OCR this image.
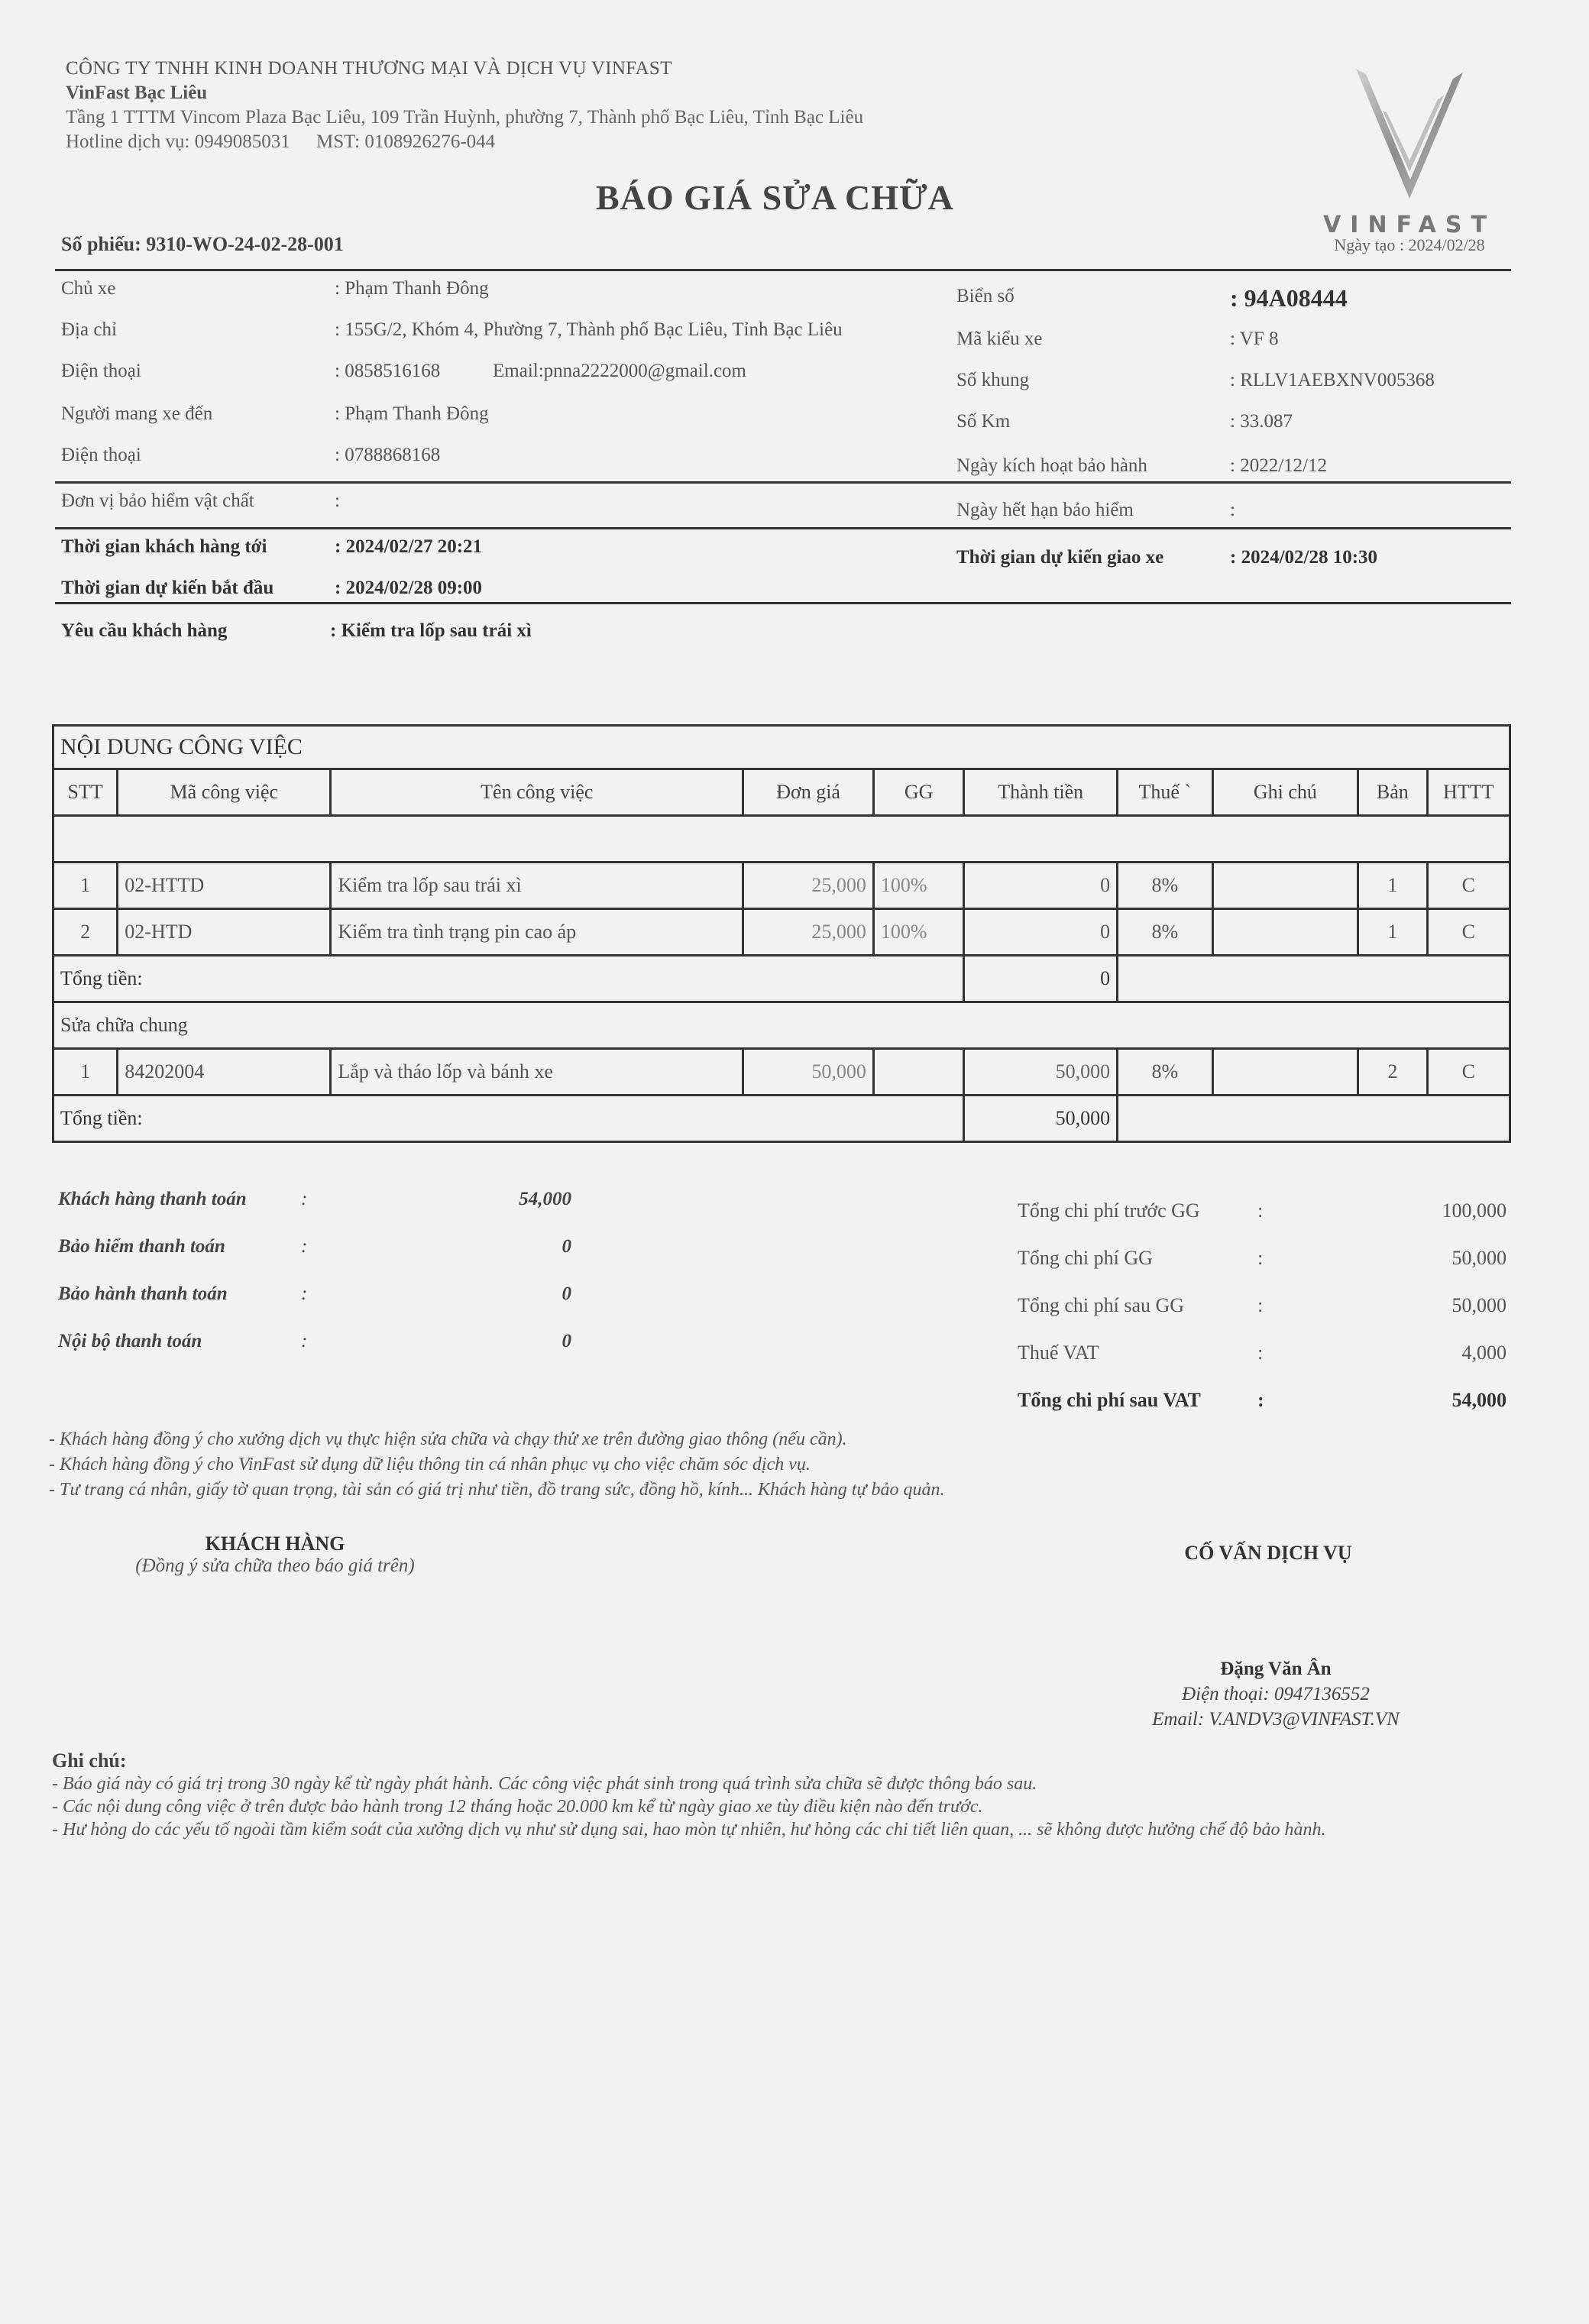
CÔNG TY TNHH KINH DOANH THƯƠNG MẠI VÀ DỊCH VỤ VINFAST
VinFast Bạc Liêu
Tầng 1 TTTM Vincom Plaza Bạc Liêu, 109 Trần Huỳnh, phường 7, Thành phố Bạc Liêu, Tỉnh Bạc Liêu
Hotline dịch vụ: 0949085031 MST: 0108926276-044
VINFAST
Ngày tạo : 2024/02/28
BÁO GIÁ SỬA CHỮA
Số phiếu: 9310-WO-24-02-28-001
Chủ xe	: Phạm Thanh Đông
Địa chỉ	: 155G/2, Khóm 4, Phường 7, Thành phố Bạc Liêu, Tỉnh Bạc Liêu
Điện thoại	: 0858516168	Email:pnna2222000@gmail.com
Người mang xe đến	: Phạm Thanh Đông
Điện thoại	: 0788868168
Đơn vị bảo hiểm vật chất	:
Thời gian khách hàng tới	: 2024/02/27 20:21
Thời gian dự kiến bắt đầu	: 2024/02/28 09:00
Yêu cầu khách hàng	: Kiểm tra lốp sau trái xì
Biển số	: 94A08444
Mã kiểu xe	: VF 8
Số khung	: RLLV1AEBXNV005368
Số Km	: 33.087
Ngày kích hoạt bảo hành	: 2022/12/12
Ngày hết hạn bảo hiểm	:
Thời gian dự kiến giao xe	: 2024/02/28 10:30
NỘI DUNG CÔNG VIỆC									
STT	Mã công việc	Tên công việc	Đơn giá	GG	Thành tiền	Thuế `	Ghi chú	Bản	HTTT

1	02-HTTD	Kiểm tra lốp sau trái xì	25,000	100%	0	8%		1	C
2	02-HTD	Kiểm tra tình trạng pin cao áp	25,000	100%	0	8%		1	C
Tổng tiền:					0				
Sửa chữa chung									
1	84202004	Lắp và tháo lốp và bánh xe	50,000		50,000	8%		2	C
Tổng tiền:					50,000				
Khách hàng thanh toán	:	54,000
Bảo hiểm thanh toán	:	0
Bảo hành thanh toán	:	0
Nội bộ thanh toán	:	0
Tổng chi phí trước GG	:	100,000
Tổng chi phí GG	:	50,000
Tổng chi phí sau GG	:	50,000
Thuế VAT	:	4,000
Tổng chi phí sau VAT	:	54,000
- Khách hàng đồng ý cho xưởng dịch vụ thực hiện sửa chữa và chạy thử xe trên đường giao thông (nếu cần).
- Khách hàng đồng ý cho VinFast sử dụng dữ liệu thông tin cá nhân phục vụ cho việc chăm sóc dịch vụ.
- Tư trang cá nhân, giấy tờ quan trọng, tài sản có giá trị như tiền, đồ trang sức, đồng hồ, kính... Khách hàng tự bảo quản.
KHÁCH HÀNG
(Đồng ý sửa chữa theo báo giá trên)
CỐ VẤN DỊCH VỤ
Đặng Văn Ân
Điện thoại: 0947136552
Email: V.ANDV3@VINFAST.VN
Ghi chú:
- Báo giá này có giá trị trong 30 ngày kể từ ngày phát hành. Các công việc phát sinh trong quá trình sửa chữa sẽ được thông báo sau.
- Các nội dung công việc ở trên được bảo hành trong 12 tháng hoặc 20.000 km kể từ ngày giao xe tùy điều kiện nào đến trước.
- Hư hỏng do các yếu tố ngoài tầm kiểm soát của xưởng dịch vụ như sử dụng sai, hao mòn tự nhiên, hư hỏng các chi tiết liên quan, ... sẽ không được hưởng chế độ bảo hành.
